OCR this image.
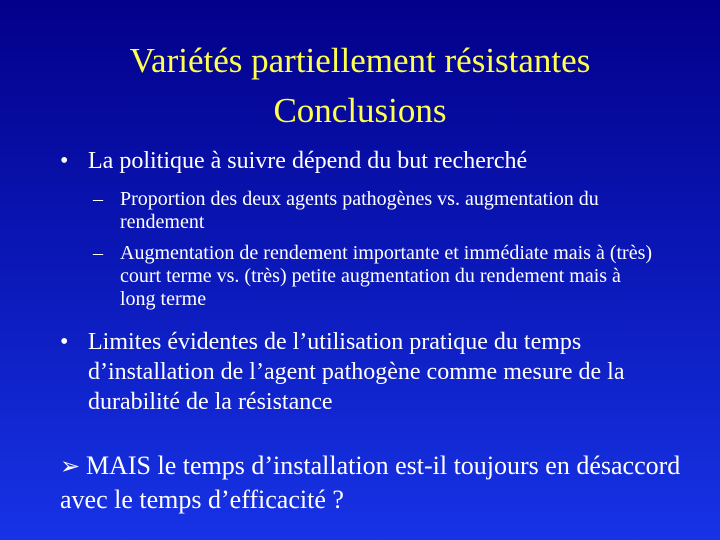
Variétés partiellement résistantes
Conclusions
• La politique à suivre dépend du but recherché
– Proportion des deux agents pathogènes vs. augmentation du rendement
– Augmentation de rendement importante et immédiate mais à (très) court terme vs. (très) petite augmentation du rendement mais à long terme
• Limites évidentes de l’utilisation pratique du temps d’installation de l’agent pathogène comme mesure de la durabilité de la résistance
➢ MAIS le temps d’installation est-il toujours en désaccord avec le temps d’efficacité ?
